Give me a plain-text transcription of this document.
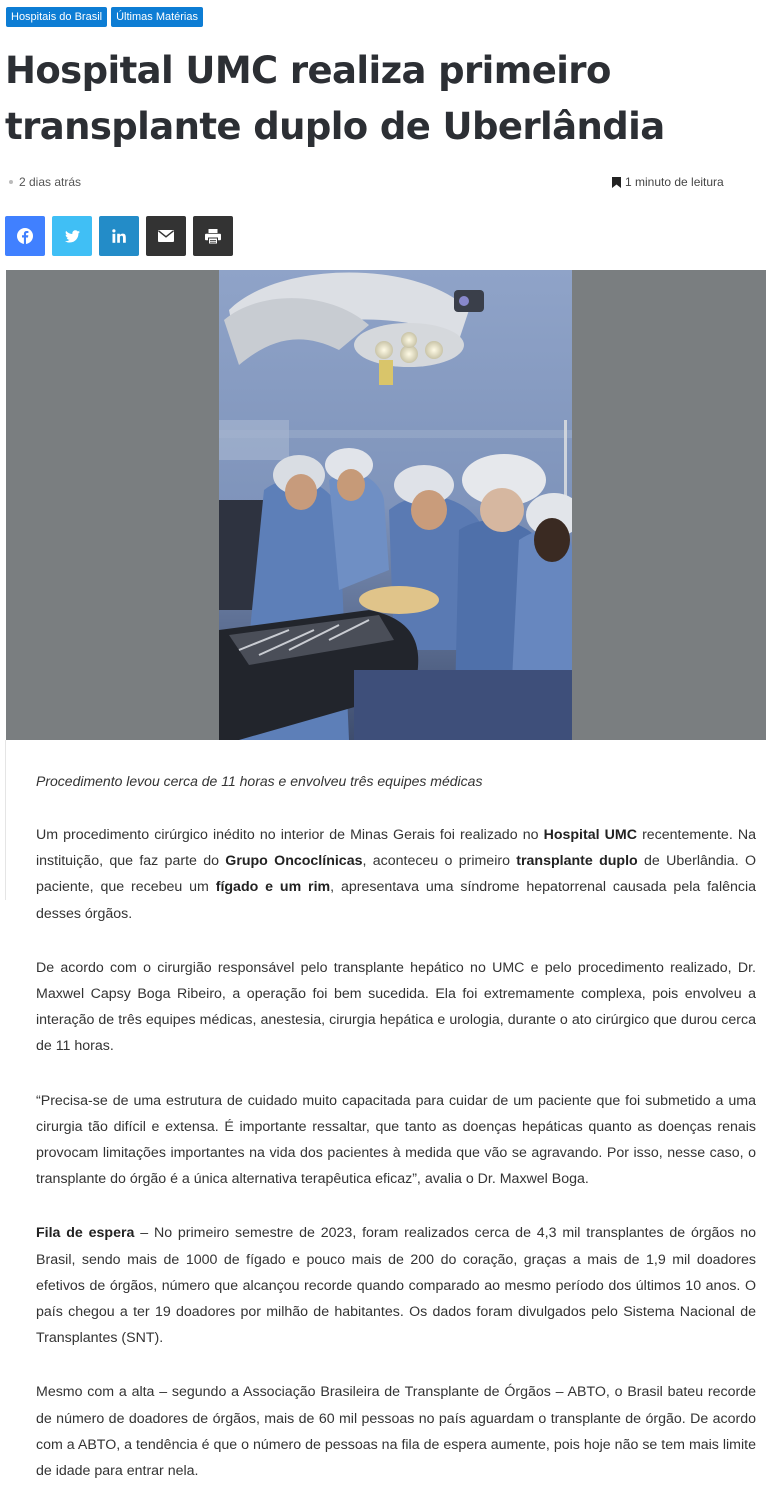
Hospitais do Brasil	Últimas Matérias
Hospital UMC realiza primeiro transplante duplo de Uberlândia
2 dias atrás	1 minuto de leitura
Procedimento levou cerca de 11 horas e envolveu três equipes médicas

Um procedimento cirúrgico inédito no interior de Minas Gerais foi realizado no Hospital UMC recentemente. Na instituição, que faz parte do Grupo Oncoclínicas, aconteceu o primeiro transplante duplo de Uberlândia. O paciente, que recebeu um fígado e um rim, apresentava uma síndrome hepatorrenal causada pela falência desses órgãos.

De acordo com o cirurgião responsável pelo transplante hepático no UMC e pelo procedimento realizado, Dr. Maxwel Capsy Boga Ribeiro, a operação foi bem sucedida. Ela foi extremamente complexa, pois envolveu a interação de três equipes médicas, anestesia, cirurgia hepática e urologia, durante o ato cirúrgico que durou cerca de 11 horas.

“Precisa-se de uma estrutura de cuidado muito capacitada para cuidar de um paciente que foi submetido a uma cirurgia tão difícil e extensa. É importante ressaltar, que tanto as doenças hepáticas quanto as doenças renais provocam limitações importantes na vida dos pacientes à medida que vão se agravando. Por isso, nesse caso, o transplante do órgão é a única alternativa terapêutica eficaz”, avalia o Dr. Maxwel Boga.

Fila de espera – No primeiro semestre de 2023, foram realizados cerca de 4,3 mil transplantes de órgãos no Brasil, sendo mais de 1000 de fígado e pouco mais de 200 do coração, graças a mais de 1,9 mil doadores efetivos de órgãos, número que alcançou recorde quando comparado ao mesmo período dos últimos 10 anos. O país chegou a ter 19 doadores por milhão de habitantes. Os dados foram divulgados pelo Sistema Nacional de Transplantes (SNT).

Mesmo com a alta – segundo a Associação Brasileira de Transplante de Órgãos – ABTO, o Brasil bateu recorde de número de doadores de órgãos, mais de 60 mil pessoas no país aguardam o transplante de órgão. De acordo com a ABTO, a tendência é que o número de pessoas na fila de espera aumente, pois hoje não se tem mais limite de idade para entrar nela.
